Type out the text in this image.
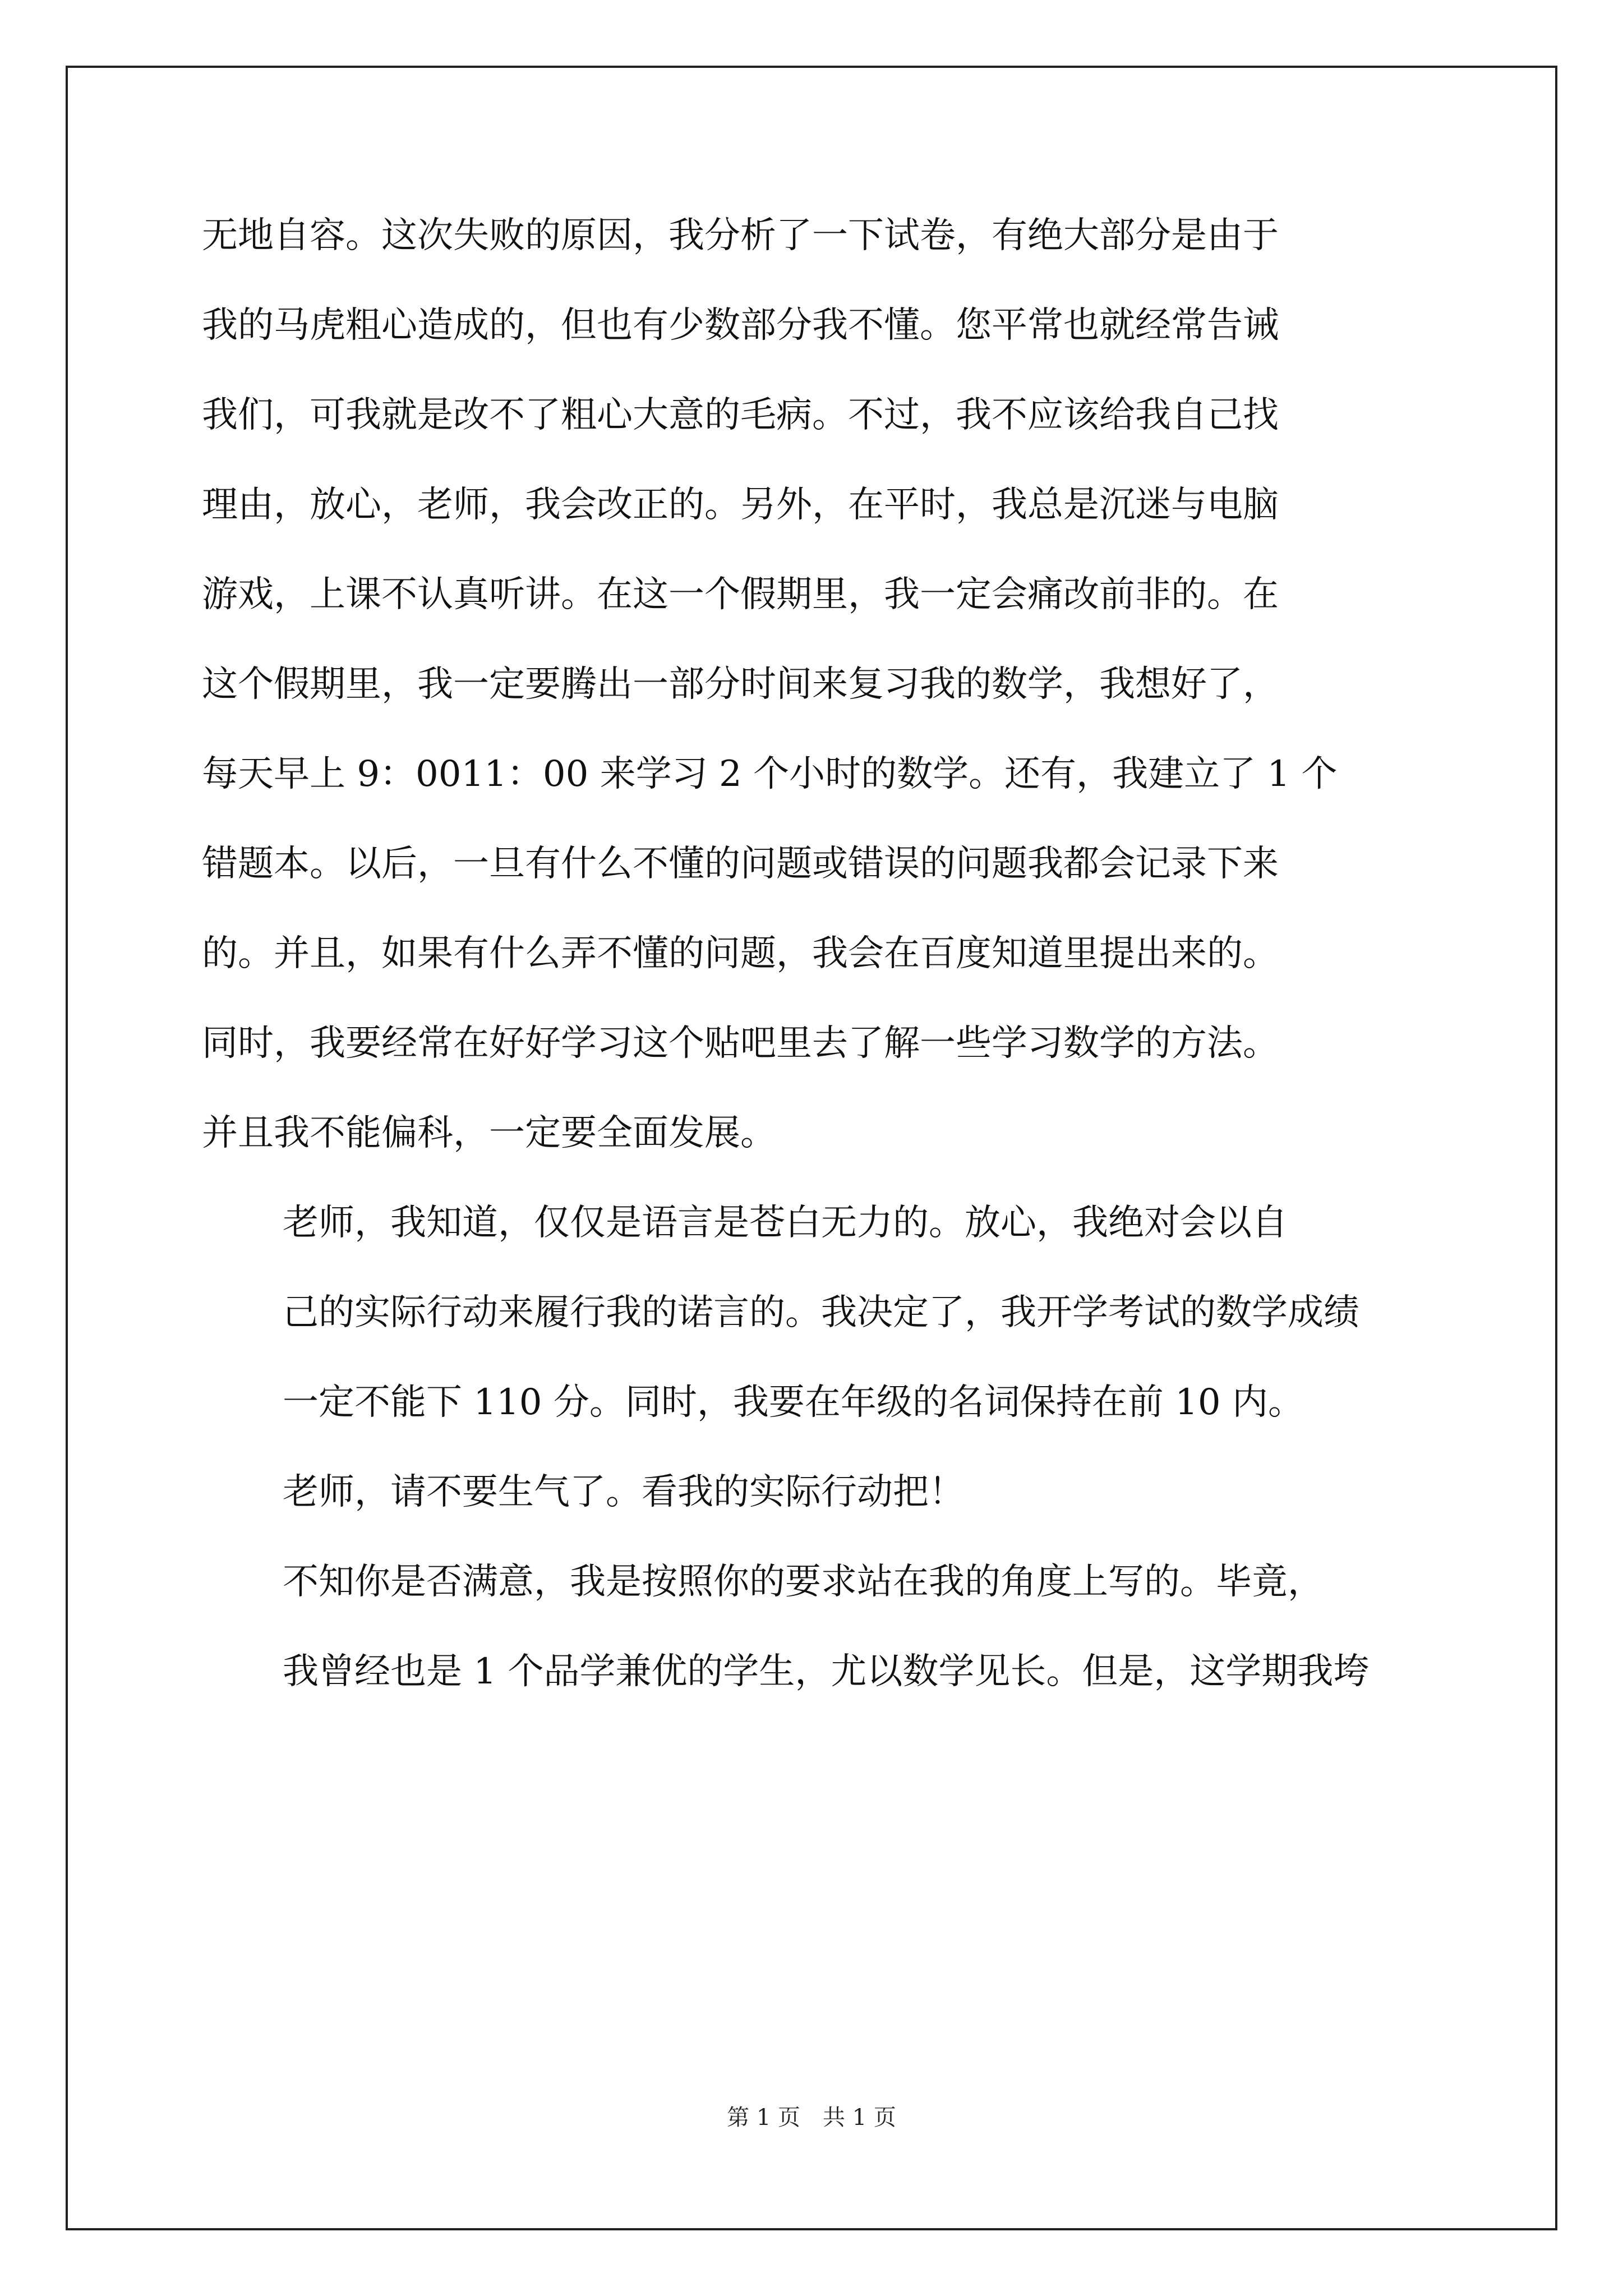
无地自容。这次失败的原因，我分析了一下试卷，有绝大部分是由于
我的马虎粗心造成的，但也有少数部分我不懂。您平常也就经常告诫
我们，可我就是改不了粗心大意的毛病。不过，我不应该给我自己找
理由，放心，老师，我会改正的。另外，在平时，我总是沉迷与电脑
游戏，上课不认真听讲。在这一个假期里，我一定会痛改前非的。在
这个假期里，我一定要腾出一部分时间来复习我的数学，我想好了，
每天早上 9：0011：00 来学习 2 个小时的数学。还有，我建立了 1 个
错题本。以后，一旦有什么不懂的问题或错误的问题我都会记录下来
的。并且，如果有什么弄不懂的问题，我会在百度知道里提出来的。
同时，我要经常在好好学习这个贴吧里去了解一些学习数学的方法。
并且我不能偏科，一定要全面发展。

老师，我知道，仅仅是语言是苍白无力的。放心，我绝对会以自
己的实际行动来履行我的诺言的。我决定了，我开学考试的数学成绩
一定不能下 110 分。同时，我要在年级的名词保持在前 10 内。

老师，请不要生气了。看我的实际行动把！

不知你是否满意，我是按照你的要求站在我的角度上写的。毕竟，
我曾经也是 1 个品学兼优的学生，尤以数学见长。但是，这学期我垮

第 1 页　共 1 页
